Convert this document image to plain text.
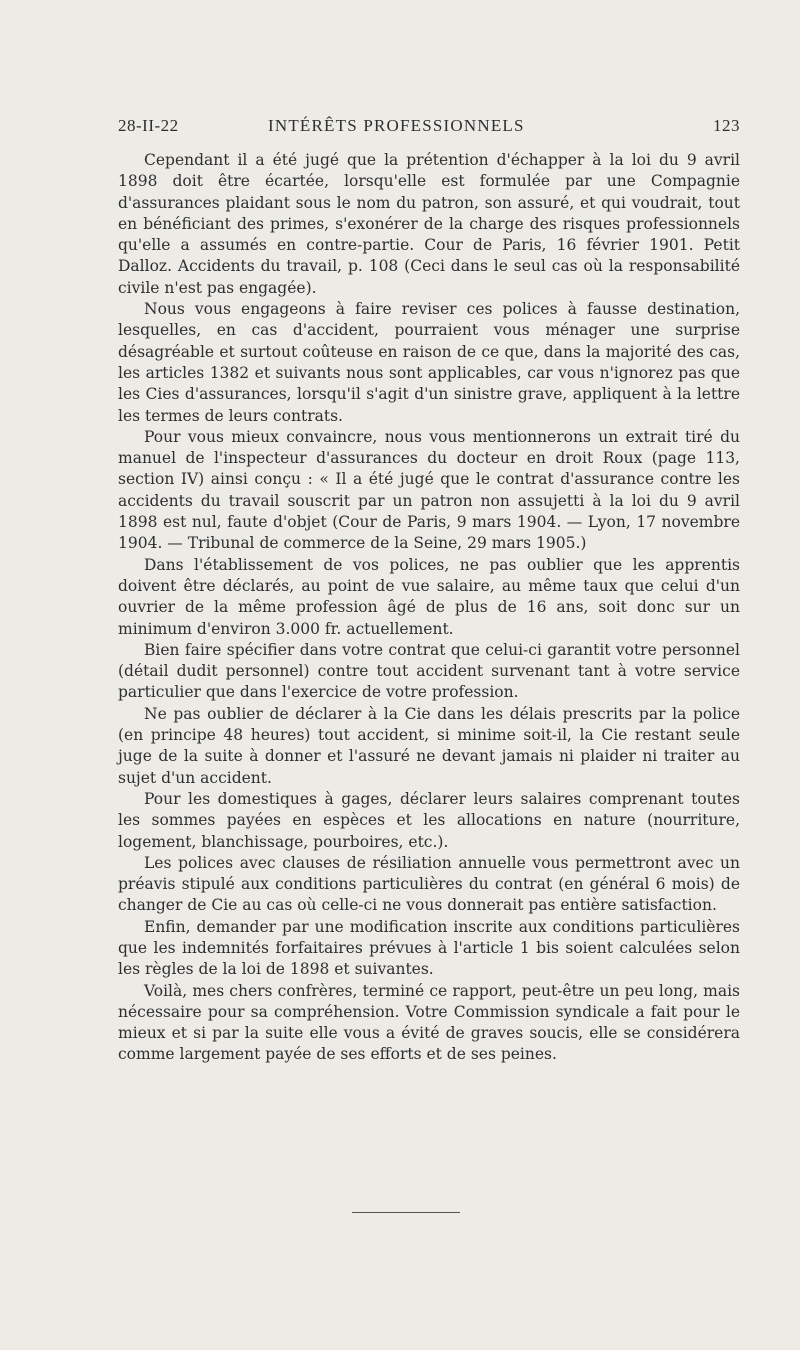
28-II-22	INTÉRÊTS PROFESSIONNELS	123

Cependant il a été jugé que la prétention d'échapper à la loi du 9 avril 1898 doit être écartée, lorsqu'elle est formulée par une Compagnie d'assurances plaidant sous le nom du patron, son assuré, et qui voudrait, tout en bénéficiant des primes, s'exonérer de la charge des risques professionnels qu'elle a assumés en contre-partie. Cour de Paris, 16 février 1901. Petit Dalloz. Accidents du travail, p. 108 (Ceci dans le seul cas où la responsabilité civile n'est pas engagée).

Nous vous engageons à faire reviser ces polices à fausse destination, lesquelles, en cas d'accident, pourraient vous ménager une surprise désagréable et surtout coûteuse en raison de ce que, dans la majorité des cas, les articles 1382 et suivants nous sont applicables, car vous n'ignorez pas que les Cies d'assurances, lorsqu'il s'agit d'un sinistre grave, appliquent à la lettre les termes de leurs contrats.

Pour vous mieux convaincre, nous vous mentionnerons un extrait tiré du manuel de l'inspecteur d'assurances du docteur en droit Roux (page 113, section IV) ainsi conçu : « Il a été jugé que le contrat d'assurance contre les accidents du travail souscrit par un patron non assujetti à la loi du 9 avril 1898 est nul, faute d'objet (Cour de Paris, 9 mars 1904. — Lyon, 17 novembre 1904. — Tribunal de commerce de la Seine, 29 mars 1905.)

Dans l'établissement de vos polices, ne pas oublier que les apprentis doivent être déclarés, au point de vue salaire, au même taux que celui d'un ouvrier de la même profession âgé de plus de 16 ans, soit donc sur un minimum d'environ 3.000 fr. actuellement.

Bien faire spécifier dans votre contrat que celui-ci garantit votre personnel (détail dudit personnel) contre tout accident survenant tant à votre service particulier que dans l'exercice de votre profession.

Ne pas oublier de déclarer à la Cie dans les délais prescrits par la police (en principe 48 heures) tout accident, si minime soit-il, la Cie restant seule juge de la suite à donner et l'assuré ne devant jamais ni plaider ni traiter au sujet d'un accident.

Pour les domestiques à gages, déclarer leurs salaires comprenant toutes les sommes payées en espèces et les allocations en nature (nourriture, logement, blanchissage, pourboires, etc.).

Les polices avec clauses de résiliation annuelle vous permettront avec un préavis stipulé aux conditions particulières du contrat (en général 6 mois) de changer de Cie au cas où celle-ci ne vous donnerait pas entière satisfaction.

Enfin, demander par une modification inscrite aux conditions particulières que les indemnités forfaitaires prévues à l'article 1 bis soient calculées selon les règles de la loi de 1898 et suivantes.

Voilà, mes chers confrères, terminé ce rapport, peut-être un peu long, mais nécessaire pour sa compréhension. Votre Commission syndicale a fait pour le mieux et si par la suite elle vous a évité de graves soucis, elle se considérera comme largement payée de ses efforts et de ses peines.
